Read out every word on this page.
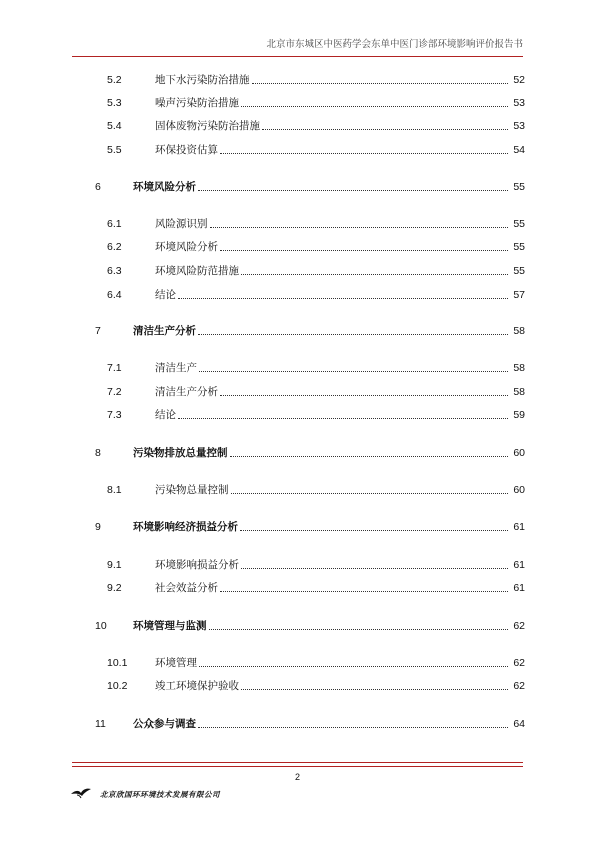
北京市东城区中医药学会东单中医门诊部环境影响评价报告书
5.2	地下水污染防治措施	52
5.3	噪声污染防治措施	53
5.4	固体废物污染防治措施	53
5.5	环保投资估算	54
6	环境风险分析	55
6.1	风险源识别	55
6.2	环境风险分析	55
6.3	环境风险防范措施	55
6.4	结论	57
7	清洁生产分析	58
7.1	清洁生产	58
7.2	清洁生产分析	58
7.3	结论	59
8	污染物排放总量控制	60
8.1	污染物总量控制	60
9	环境影响经济损益分析	61
9.1	环境影响损益分析	61
9.2	社会效益分析	61
10	环境管理与监测	62
10.1	环境管理	62
10.2	竣工环境保护验收	62
11	公众参与调查	64
2
北京欣国环环境技术发展有限公司
